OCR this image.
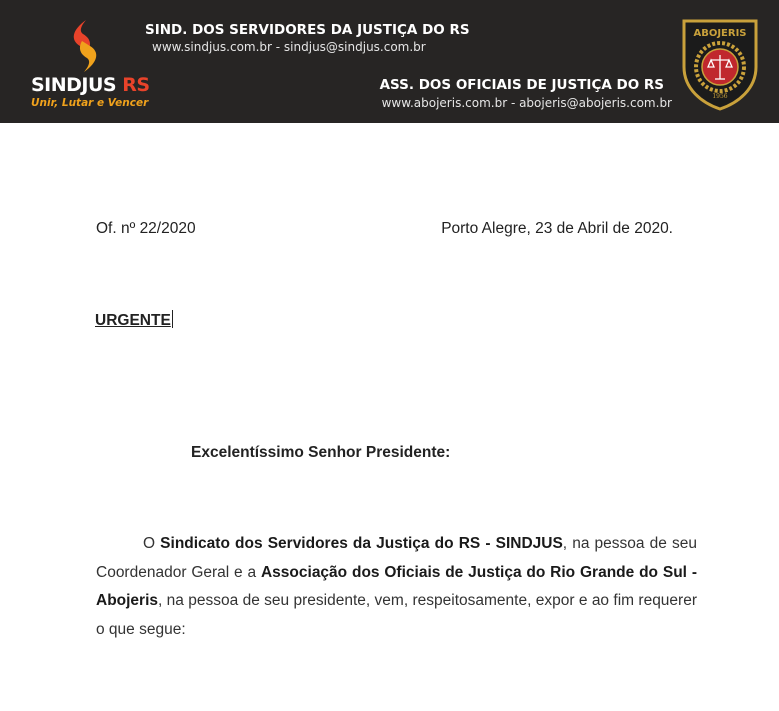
SINDJUS RS
Unir, Lutar e Vencer
SIND. DOS SERVIDORES DA JUSTIÇA DO RS
www.sindjus.com.br - sindjus@sindjus.com.br
ASS. DOS OFICIAIS DE JUSTIÇA DO RS
www.abojeris.com.br - abojeris@abojeris.com.br
ABOJERIS
1956
Of. nº 22/2020	Porto Alegre, 23 de Abril de 2020.
URGENTE
Excelentíssimo Senhor Presidente:

O Sindicato dos Servidores da Justiça do RS - SINDJUS, na pessoa de seu Coordenador Geral e a Associação dos Oficiais de Justiça do Rio Grande do Sul - Abojeris, na pessoa de seu presidente, vem, respeitosamente, expor e ao fim requerer o que segue:
